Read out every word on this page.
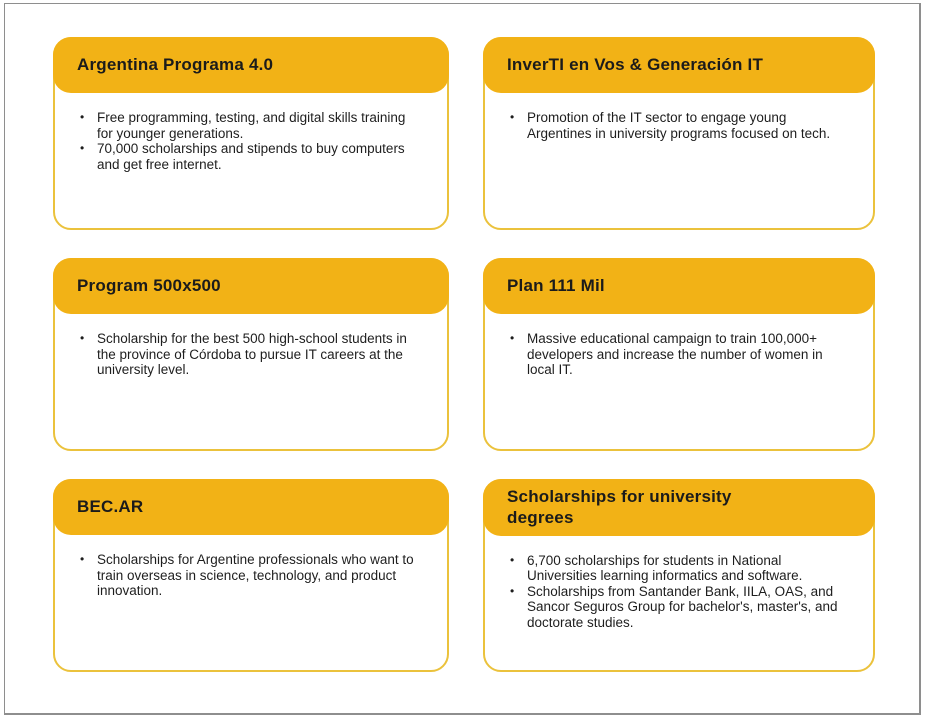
Argentina Programa 4.0
• Free programming, testing, and digital skills training for younger generations.
• 70,000 scholarships and stipends to buy computers and get free internet.
InverTI en Vos & Generación IT
• Promotion of the IT sector to engage young Argentines in university programs focused on tech.
Program 500x500
• Scholarship for the best 500 high-school students in the province of Córdoba to pursue IT careers at the university level.
Plan 111 Mil
• Massive educational campaign to train 100,000+ developers and increase the number of women in local IT.
BEC.AR
• Scholarships for Argentine professionals who want to train overseas in science, technology, and product innovation.
Scholarships for university degrees
• 6,700 scholarships for students in National Universities learning informatics and software.
• Scholarships from Santander Bank, IILA, OAS, and Sancor Seguros Group for bachelor's, master's, and doctorate studies.
